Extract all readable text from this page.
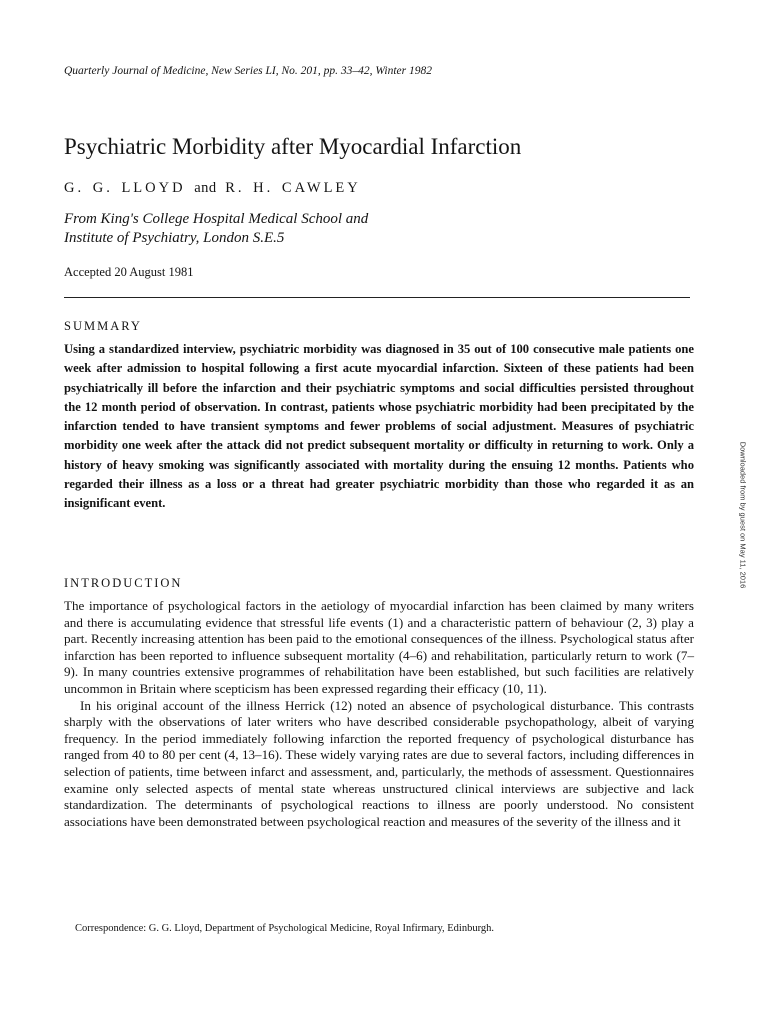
Quarterly Journal of Medicine, New Series LI, No. 201, pp. 33–42, Winter 1982
Psychiatric Morbidity after Myocardial Infarction
G. G. LLOYD and R. H. CAWLEY
From King's College Hospital Medical School and
Institute of Psychiatry, London S.E.5
Accepted 20 August 1981
SUMMARY

Using a standardized interview, psychiatric morbidity was diagnosed in 35 out of 100 consecutive male patients one week after admission to hospital following a first acute myocardial infarction. Sixteen of these patients had been psychiatrically ill before the infarction and their psychiatric symptoms and social difficulties persisted throughout the 12 month period of observation. In contrast, patients whose psychiatric morbidity had been precipitated by the infarction tended to have transient symptoms and fewer problems of social adjustment. Measures of psychiatric morbidity one week after the attack did not predict subsequent mortality or difficulty in returning to work. Only a history of heavy smoking was significantly associated with mortality during the ensuing 12 months. Patients who regarded their illness as a loss or a threat had greater psychiatric morbidity than those who regarded it as an insignificant event.

INTRODUCTION

The importance of psychological factors in the aetiology of myocardial infarction has been claimed by many writers and there is accumulating evidence that stressful life events (1) and a characteristic pattern of behaviour (2, 3) play a part. Recently increasing attention has been paid to the emotional consequences of the illness. Psychological status after infarction has been reported to influence subsequent mortality (4–6) and rehabilitation, particularly return to work (7–9). In many countries extensive programmes of rehabilitation have been established, but such facilities are relatively uncommon in Britain where scepticism has been expressed regarding their efficacy (10, 11).

In his original account of the illness Herrick (12) noted an absence of psychological disturbance. This contrasts sharply with the observations of later writers who have described considerable psychopathology, albeit of varying frequency. In the period immediately following infarction the reported frequency of psychological disturbance has ranged from 40 to 80 per cent (4, 13–16). These widely varying rates are due to several factors, including differences in selection of patients, time between infarct and assessment, and, particularly, the methods of assessment. Questionnaires examine only selected aspects of mental state whereas unstructured clinical interviews are subjective and lack standardization. The determinants of psychological reactions to illness are poorly understood. No consistent associations have been demonstrated between psychological reaction and measures of the severity of the illness and it

Correspondence: G. G. Lloyd, Department of Psychological Medicine, Royal Infirmary, Edinburgh.
Downloaded from by guest on May 11, 2016
